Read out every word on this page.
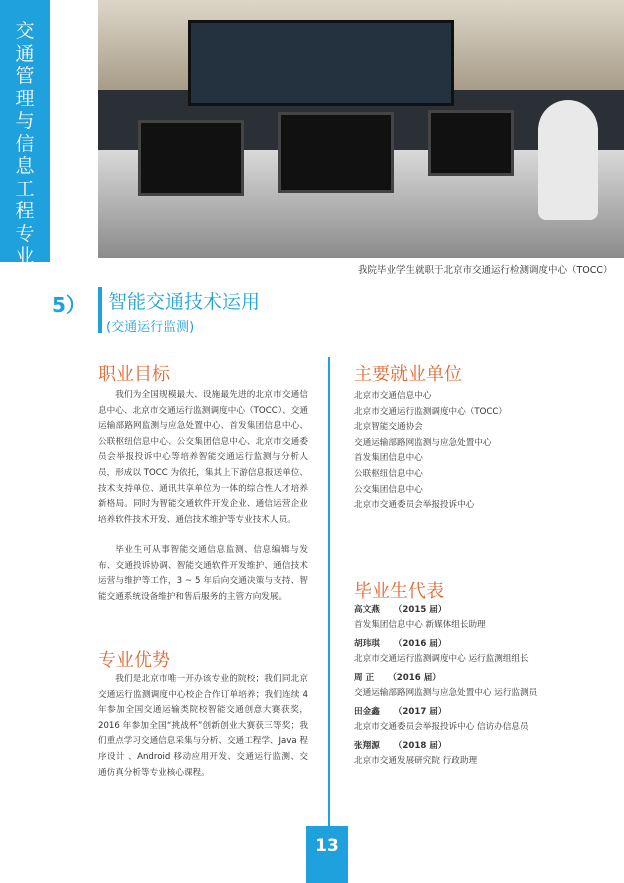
交通管理与信息工程专业群	我院毕业学生就职于北京市交通运行检测调度中心（TOCC）
5） 智能交通技术运用
(交通运行监测)
职业目标
我们为全国规模最大、设施最先进的北京市交通信息中心、北京市交通运行监测调度中心（TOCC）、交通运输部路网监测与应急处置中心、首发集团信息中心、公联枢纽信息中心、公交集团信息中心、北京市交通委员会举报投诉中心等培养智能交通运行监测与分析人员，形成以 TOCC 为依托，集其上下游信息报送单位、技术支持单位、通讯共享单位为一体的综合性人才培养新格局。同时为智能交通软件开发企业、通信运营企业培养软件技术开发、通信技术维护等专业技术人员。
毕业生可从事智能交通信息监测、信息编辑与发布、交通投诉协调、智能交通软件开发维护、通信技术运营与维护等工作，3 ~ 5 年后向交通决策与支持、智能交通系统设备维护和售后服务的主管方向发展。
专业优势
我们是北京市唯一开办该专业的院校；我们同北京交通运行监测调度中心校企合作订单培养；我们连续 4 年参加全国交通运输类院校智能交通创意大赛获奖，2016 年参加全国“挑战杯”创新创业大赛获三等奖；我们重点学习交通信息采集与分析、交通工程学、Java 程序设计 、Android 移动应用开发、交通运行监测、交通仿真分析等专业核心课程。
主要就业单位
北京市交通信息中心
北京市交通运行监测调度中心（TOCC）
北京智能交通协会
交通运输部路网监测与应急处置中心
首发集团信息中心
公联枢纽信息中心
公交集团信息中心
北京市交通委员会举报投诉中心
毕业生代表
高文燕 （2015 届）
首发集团信息中心 新媒体组长助理
胡玮琪 （2016 届）
北京市交通运行监测调度中心 运行监测组组长
周 正 （2016 届）
交通运输部路网监测与应急处置中心 运行监测员
田金鑫 （2017 届）
北京市交通委员会举报投诉中心 信访办信息员
张翔源 （2018 届）
北京市交通发展研究院 行政助理
13
